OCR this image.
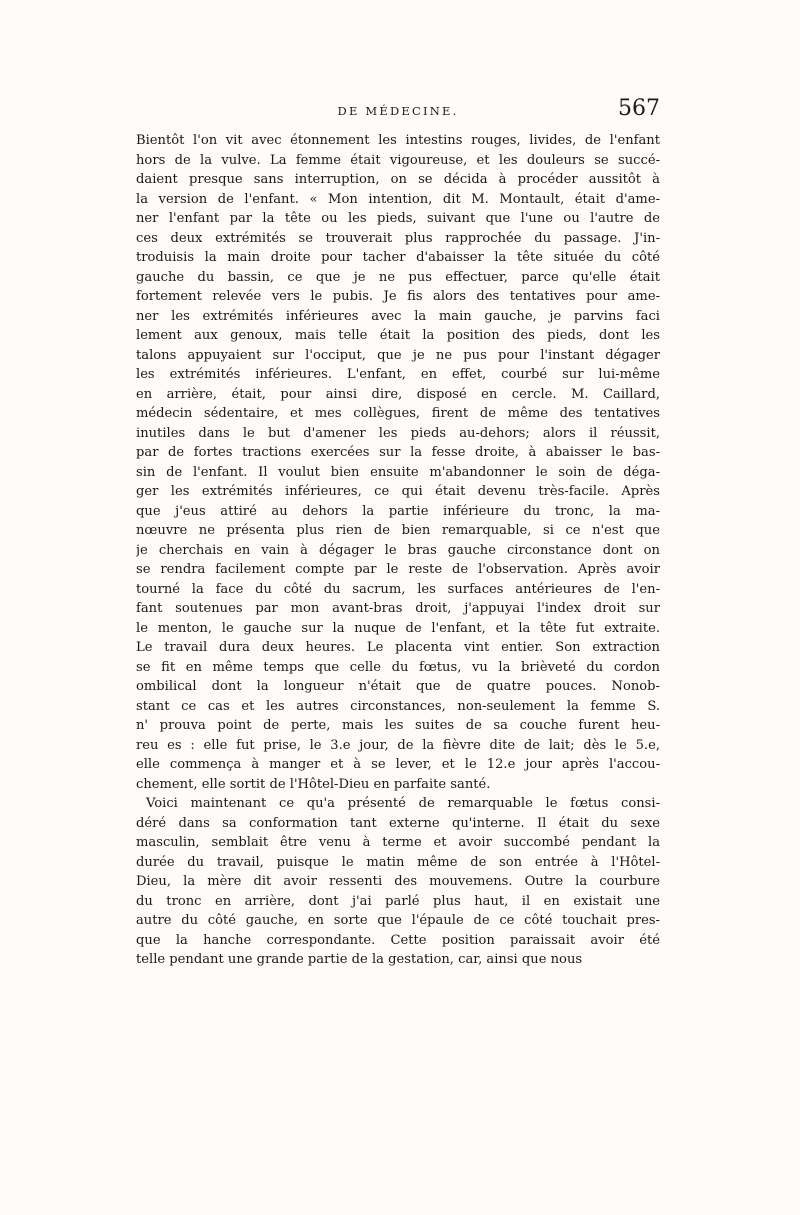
DE MÉDECINE.	567
Bientôt l'on vit avec étonnement les intestins rouges, livides, de l'enfant
hors de la vulve. La femme était vigoureuse, et les douleurs se succé-
daient presque sans interruption, on se décida à procéder aussitôt à
la version de l'enfant. « Mon intention, dit M. Montault, était d'ame-
ner l'enfant par la tête ou les pieds, suivant que l'une ou l'autre de
ces deux extrémités se trouverait plus rapprochée du passage. J'in-
troduisis la main droite pour tacher d'abaisser la tête située du côté
gauche du bassin, ce que je ne pus effectuer, parce qu'elle était
fortement relevée vers le pubis. Je fis alors des tentatives pour ame-
ner les extrémités inférieures avec la main gauche, je parvins faci
lement aux genoux, mais telle était la position des pieds, dont les
talons appuyaient sur l'occiput, que je ne pus pour l'instant dégager
les extrémités inférieures. L'enfant, en effet, courbé sur lui-même
en arrière, était, pour ainsi dire, disposé en cercle. M. Caillard,
médecin sédentaire, et mes collègues, firent de même des tentatives
inutiles dans le but d'amener les pieds au-dehors; alors il réussit,
par de fortes tractions exercées sur la fesse droite, à abaisser le bas-
sin de l'enfant. Il voulut bien ensuite m'abandonner le soin de déga-
ger les extrémités inférieures, ce qui était devenu très-facile. Après
que j'eus attiré au dehors la partie inférieure du tronc, la ma-
nœuvre ne présenta plus rien de bien remarquable, si ce n'est que
je cherchais en vain à dégager le bras gauche circonstance dont on
se rendra facilement compte par le reste de l'observation. Après avoir
tourné la face du côté du sacrum, les surfaces antérieures de l'en-
fant soutenues par mon avant-bras droit, j'appuyai l'index droit sur
le menton, le gauche sur la nuque de l'enfant, et la tête fut extraite.
Le travail dura deux heures. Le placenta vint entier. Son extraction
se fit en même temps que celle du fœtus, vu la brièveté du cordon
ombilical dont la longueur n'était que de quatre pouces. Nonob-
stant ce cas et les autres circonstances, non-seulement la femme S.
n' prouva point de perte, mais les suites de sa couche furent heu-
reu es : elle fut prise, le 3.e jour, de la fièvre dite de lait; dès le 5.e,
elle commença à manger et à se lever, et le 12.e jour après l'accou-
chement, elle sortit de l'Hôtel-Dieu en parfaite santé.
Voici maintenant ce qu'a présenté de remarquable le fœtus consi-
déré dans sa conformation tant externe qu'interne. Il était du sexe
masculin, semblait être venu à terme et avoir succombé pendant la
durée du travail, puisque le matin même de son entrée à l'Hôtel-
Dieu, la mère dit avoir ressenti des mouvemens. Outre la courbure
du tronc en arrière, dont j'ai parlé plus haut, il en existait une
autre du côté gauche, en sorte que l'épaule de ce côté touchait pres-
que la hanche correspondante. Cette position paraissait avoir été
telle pendant une grande partie de la gestation, car, ainsi que nous
